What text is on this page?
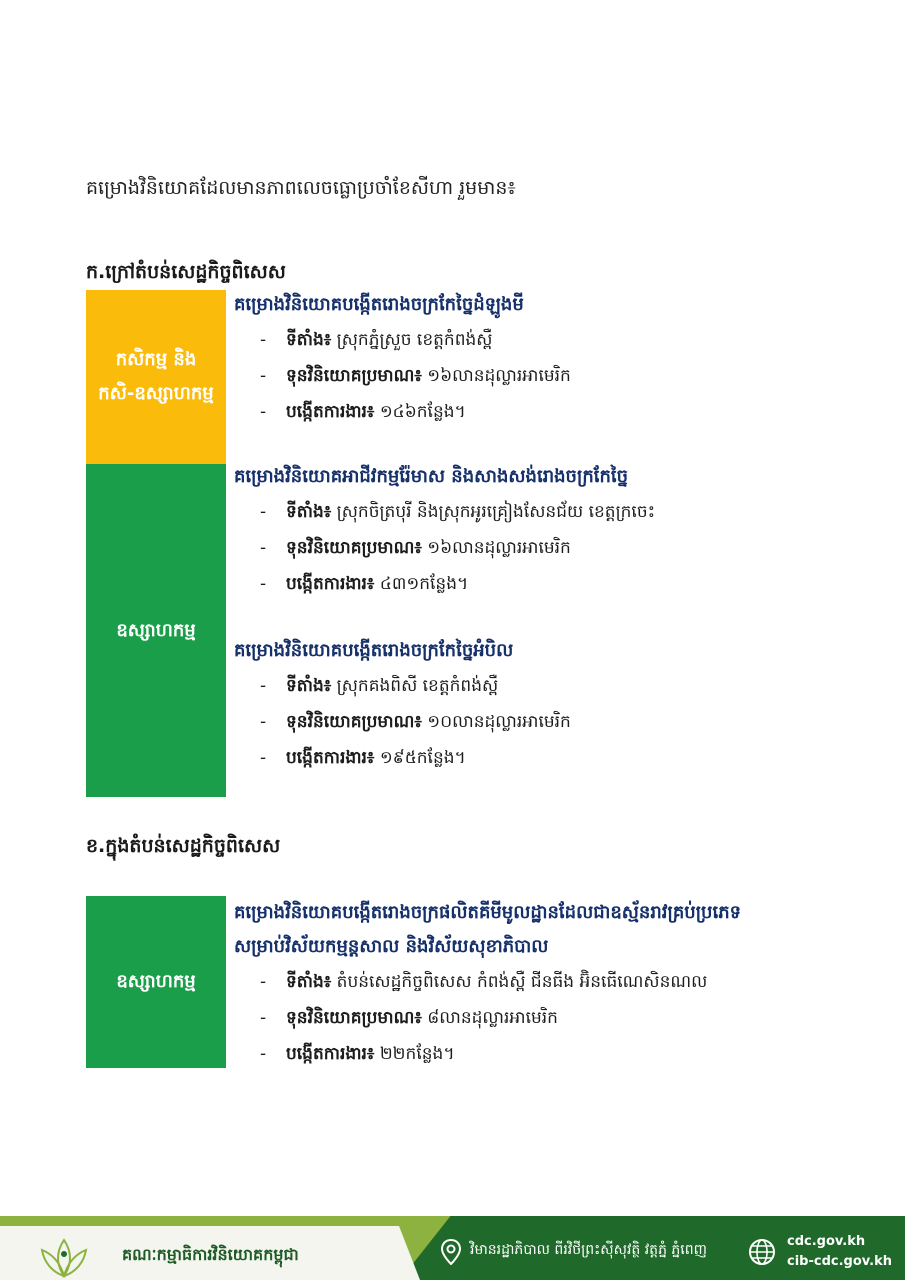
គម្រោងវិនិយោគដែលមានភាពលេចធ្លោប្រចាំខែសីហា រួមមាន៖
ក.ក្រៅតំបន់សេដ្ឋកិច្ចពិសេស
កសិកម្ម និង
កសិ-ឧស្សាហកម្ម
ឧស្សាហកម្ម
គម្រោងវិនិយោគបង្កើតរោងចក្រកែច្នៃដំឡូងមី
- ទីតាំង៖ ស្រុកភ្នំស្រួច ខេត្តកំពង់ស្ពឺ
- ទុនវិនិយោគប្រមាណ៖ ១៦លានដុល្លារអាមេរិក
- បង្កើតការងារ៖ ១៤៦កន្លែង។
គម្រោងវិនិយោគអាជីវកម្មរ៉ែមាស និងសាងសង់រោងចក្រកែច្នៃ
- ទីតាំង៖ ស្រុកចិត្របុរី និងស្រុកអូរគ្រៀងសែនជ័យ ខេត្តក្រចេះ
- ទុនវិនិយោគប្រមាណ៖ ១៦លានដុល្លារអាមេរិក
- បង្កើតការងារ៖ ៤៣១កន្លែង។
គម្រោងវិនិយោគបង្កើតរោងចក្រកែច្នៃអំបិល
- ទីតាំង៖ ស្រុកគងពិសី ខេត្តកំពង់ស្ពឺ
- ទុនវិនិយោគប្រមាណ៖ ១០លានដុល្លារអាមេរិក
- បង្កើតការងារ៖ ១៩៥កន្លែង។
ខ.ក្នុងតំបន់សេដ្ឋកិច្ចពិសេស
ឧស្សាហកម្ម
គម្រោងវិនិយោគបង្កើតរោងចក្រផលិតគីមីមូលដ្ឋានដែលជាឧស្ម័នរាវគ្រប់ប្រភេទ
សម្រាប់វិស័យកម្មន្តសាល និងវិស័យសុខាភិបាល
- ទីតាំង៖ តំបន់សេដ្ឋកិច្ចពិសេស កំពង់ស្ពឺ ជីនធីង អ៊ិនធើណេសិនណល
- ទុនវិនិយោគប្រមាណ៖ ៨លានដុល្លារអាមេរិក
- បង្កើតការងារ៖ ២២កន្លែង។
គណៈកម្មាធិការវិនិយោគកម្ពុជា	វិមានរដ្ឋាភិបាល ពីរវិថីព្រះស៊ីសុវត្ថិ វត្តភ្នំ ភ្នំពេញ
cdc.gov.kh
cib-cdc.gov.kh
